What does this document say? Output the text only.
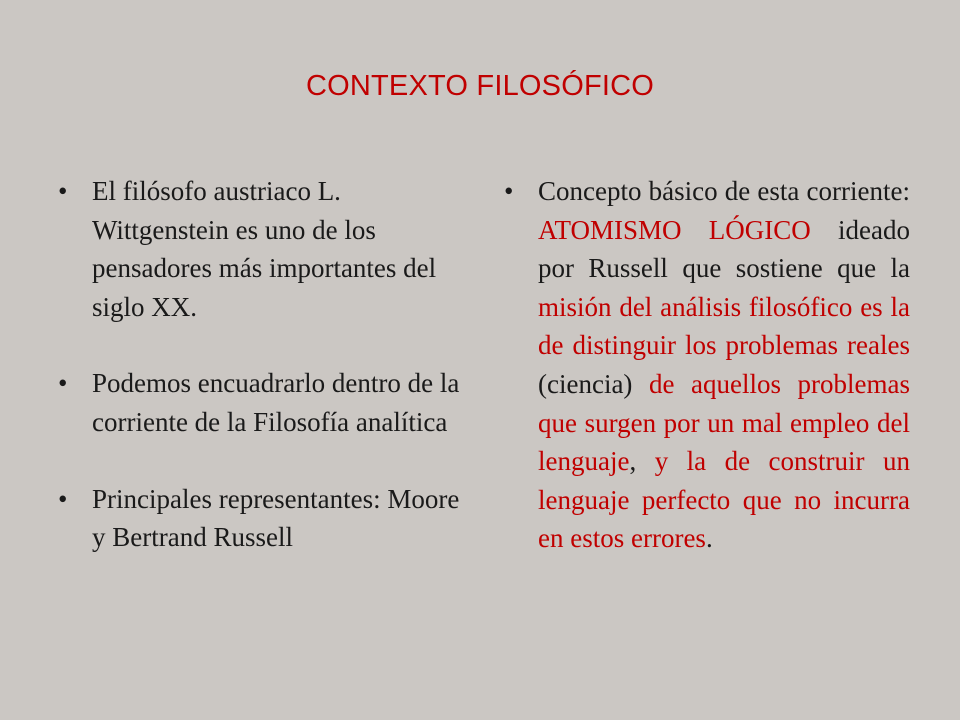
CONTEXTO FILOSÓFICO
• El filósofo austriaco L. Wittgenstein es uno de los pensadores más importantes del siglo XX.
• Podemos encuadrarlo dentro de la corriente de la Filosofía analítica
• Principales representantes: Moore y Bertrand Russell
• Concepto básico de esta corriente: ATOMISMO LÓGICO ideado por Russell que sostiene que la misión del análisis filosófico es la de distinguir los problemas reales (ciencia) de aquellos problemas que surgen por un mal empleo del lenguaje, y la de construir un lenguaje perfecto que no incurra en estos errores.
